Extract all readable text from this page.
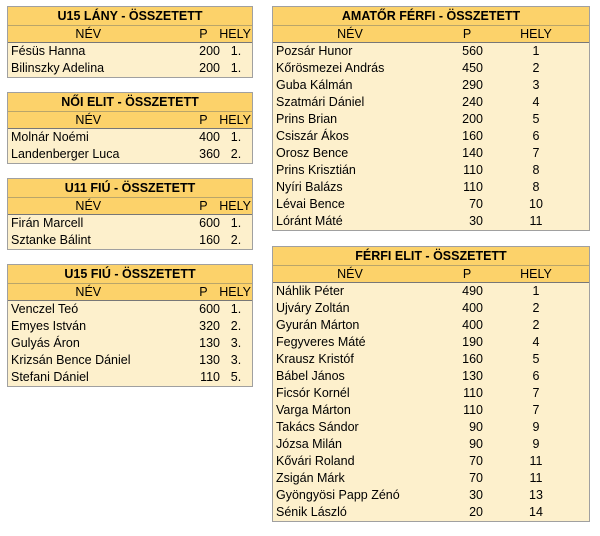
U15 LÁNY - ÖSSZETETT
NÉV	P HELY
Fésüs Hanna	200 1.
Bilinszky Adelina	200 1.
NŐI ELIT - ÖSSZETETT
NÉV	P HELY
Molnár Noémi	400 1.
Landenberger Luca	360 2.
U11 FIÚ - ÖSSZETETT
NÉV	P HELY
Firán Marcell	600 1.
Sztanke Bálint	160 2.
U15 FIÚ - ÖSSZETETT
NÉV	P HELY
Venczel Teó	600 1.
Emyes István	320 2.
Gulyás Áron	130 3.
Krizsán Bence Dániel	130 3.
Stefani Dániel	110 5.
AMATŐR FÉRFI - ÖSSZETETT
NÉV	P	HELY
Pozsár Hunor	560	1
Kőrösmezei András	450	2
Guba Kálmán	290	3
Szatmári Dániel	240	4
Prins Brian	200	5
Csiszár Ákos	160	6
Orosz Bence	140	7
Prins Krisztián	110	8
Nyíri Balázs	110	8
Lévai Bence	70	10
Lóránt Máté	30	11
FÉRFI ELIT - ÖSSZETETT
NÉV	P	HELY
Náhlik Péter	490	1
Ujváry Zoltán	400	2
Gyurán Márton	400	2
Fegyveres Máté	190	4
Krausz Kristóf	160	5
Bábel János	130	6
Ficsór Kornél	110	7
Varga Márton	110	7
Takács Sándor	90	9
Józsa Milán	90	9
Kővári Roland	70	11
Zsigán Márk	70	11
Gyöngyösi Papp Zénó	30	13
Sénik László	20	14
